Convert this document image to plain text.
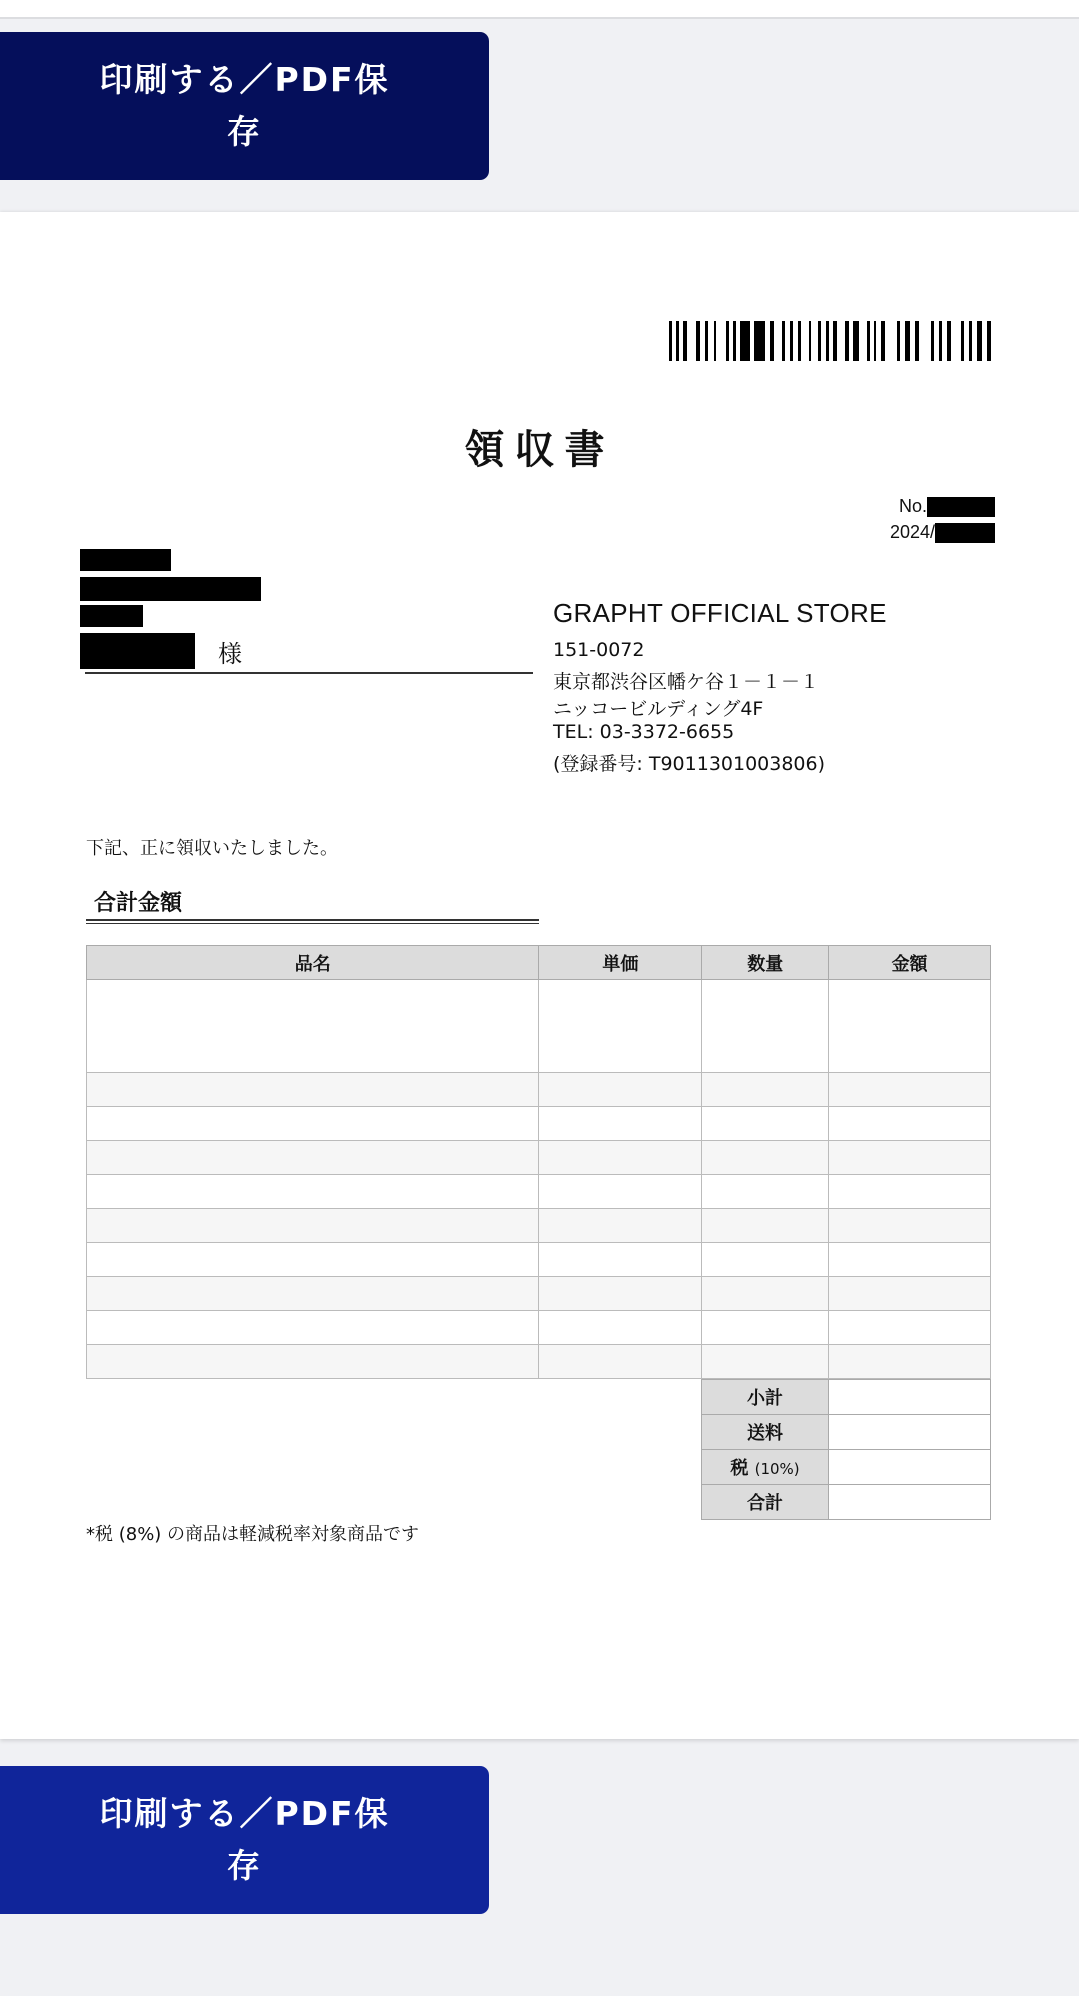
印刷する／PDF保
存
領収書
No.
2024/
様
GRAPHT OFFICIAL STORE
151-0072
東京都渋谷区幡ケ谷１－１－１
ニッコービルディング4F
TEL: 03-3372-6655
(登録番号: T9011301003806)
下記、正に領収いたしました。
合計金額
品名	単価	数量	金額

小計	
送料	
税 (10%)	
合計	
*税 (8%) の商品は軽減税率対象商品です
印刷する／PDF保
存
